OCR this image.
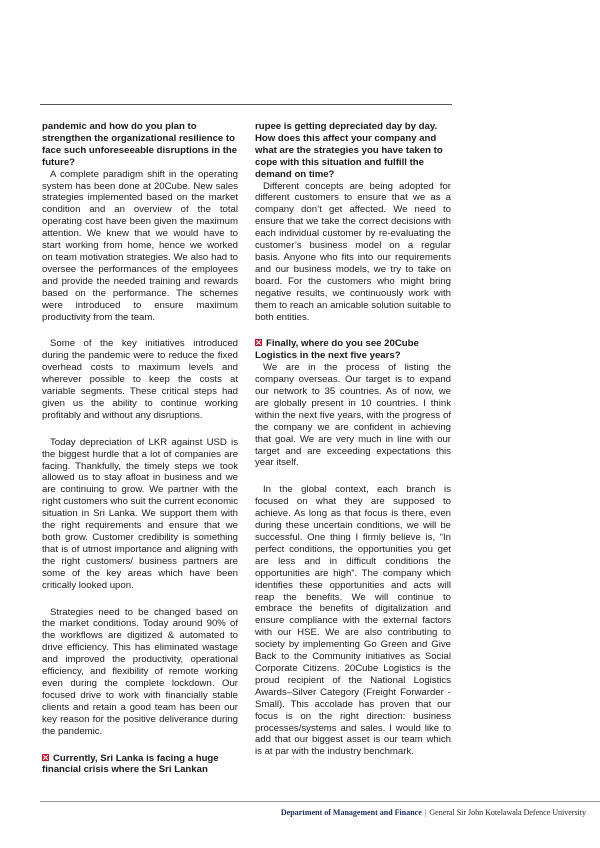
pandemic and how do you plan to strengthen the organizational resilience to face such unforeseeable disruptions in the future?

A complete paradigm shift in the operating system has been done at 20Cube. New sales strategies implemented based on the market condition and an overview of the total operating cost have been given the maximum attention. We knew that we would have to start working from home, hence we worked on team motivation strategies. We also had to oversee the performances of the employees and provide the needed training and rewards based on the performance. The schemes were introduced to ensure maximum productivity from the team.

Some of the key initiatives introduced during the pandemic were to reduce the fixed overhead costs to maximum levels and wherever possible to keep the costs at variable segments. These critical steps had given us the ability to continue working profitably and without any disruptions.

Today depreciation of LKR against USD is the biggest hurdle that a lot of companies are facing. Thankfully, the timely steps we took allowed us to stay afloat in business and we are continuing to grow. We partner with the right customers who suit the current economic situation in Sri Lanka. We support them with the right requirements and ensure that we both grow. Customer credibility is something that is of utmost importance and aligning with the right customers/ business partners are some of the key areas which have been critically looked upon.

Strategies need to be changed based on the market conditions. Today around 90% of the workflows are digitized & automated to drive efficiency. This has eliminated wastage and improved the productivity, operational efficiency, and flexibility of remote working even during the complete lockdown. Our focused drive to work with financially stable clients and retain a good team has been our key reason for the positive deliverance during the pandemic.

Currently, Sri Lanka is facing a huge financial crisis where the Sri Lankan

rupee is getting depreciated day by day. How does this affect your company and what are the strategies you have taken to cope with this situation and fulfill the demand on time?

Different concepts are being adopted for different customers to ensure that we as a company don’t get affected. We need to ensure that we take the correct decisions with each individual customer by re-evaluating the customer’s business model on a regular basis. Anyone who fits into our requirements and our business models, we try to take on board. For the customers who might bring negative results, we continuously work with them to reach an amicable solution suitable to both entities.

Finally, where do you see 20Cube Logistics in the next five years?

We are in the process of listing the company overseas. Our target is to expand our network to 35 countries. As of now, we are globally present in 10 countries. I think within the next five years, with the progress of the company we are confident in achieving that goal. We are very much in line with our target and are exceeding expectations this year itself.

In the global context, each branch is focused on what they are supposed to achieve. As long as that focus is there, even during these uncertain conditions, we will be successful. One thing I firmly believe is, “In perfect conditions, the opportunities you get are less and in difficult conditions the opportunities are high”. The company which identifies these opportunities and acts will reap the benefits. We will continue to embrace the benefits of digitalization and ensure compliance with the external factors with our HSE. We are also contributing to society by implementing Go Green and Give Back to the Community initiatives as Social Corporate Citizens. 20Cube Logistics is the proud recipient of the National Logistics Awards–Silver Category (Freight Forwarder -Small). This accolade has proven that our focus is on the right direction: business processes/systems and sales. I would like to add that our biggest asset is our team which is at par with the industry benchmark.

Department of Management and Finance | General Sir John Kotelawala Defence University
